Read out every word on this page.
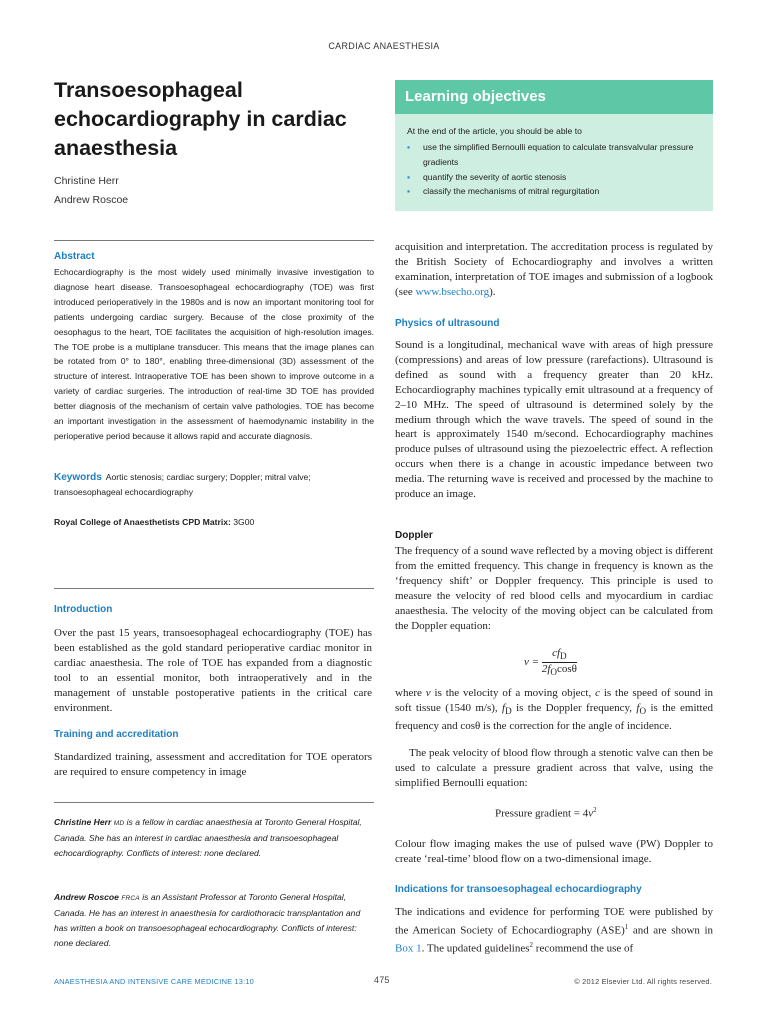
CARDIAC ANAESTHESIA
Transoesophageal echocardiography in cardiac anaesthesia
Christine Herr
Andrew Roscoe
Learning objectives
At the end of the article, you should be able to
▪ use the simplified Bernoulli equation to calculate transvalvular pressure gradients
▪ quantify the severity of aortic stenosis
▪ classify the mechanisms of mitral regurgitation
Abstract
Echocardiography is the most widely used minimally invasive investigation to diagnose heart disease. Transoesophageal echocardiography (TOE) was first introduced perioperatively in the 1980s and is now an important monitoring tool for patients undergoing cardiac surgery. Because of the close proximity of the oesophagus to the heart, TOE facilitates the acquisition of high-resolution images. The TOE probe is a multiplane transducer. This means that the image planes can be rotated from 0° to 180°, enabling three-dimensional (3D) assessment of the structure of interest. Intraoperative TOE has been shown to improve outcome in a variety of cardiac surgeries. The introduction of real-time 3D TOE has provided better diagnosis of the mechanism of certain valve pathologies. TOE has become an important investigation in the assessment of haemodynamic instability in the perioperative period because it allows rapid and accurate diagnosis.
Keywords Aortic stenosis; cardiac surgery; Doppler; mitral valve; transoesophageal echocardiography
Royal College of Anaesthetists CPD Matrix: 3G00
Introduction
Over the past 15 years, transoesophageal echocardiography (TOE) has been established as the gold standard perioperative cardiac monitor in cardiac anaesthesia. The role of TOE has expanded from a diagnostic tool to an essential monitor, both intraoperatively and in the management of unstable postoperative patients in the critical care environment.
Training and accreditation
Standardized training, assessment and accreditation for TOE operators are required to ensure competency in image
Christine Herr MD is a fellow in cardiac anaesthesia at Toronto General Hospital, Canada. She has an interest in cardiac anaesthesia and transoesophageal echocardiography. Conflicts of interest: none declared.
Andrew Roscoe FRCA is an Assistant Professor at Toronto General Hospital, Canada. He has an interest in anaesthesia for cardiothoracic transplantation and has written a book on transoesophageal echocardiography. Conflicts of interest: none declared.
acquisition and interpretation. The accreditation process is regulated by the British Society of Echocardiography and involves a written examination, interpretation of TOE images and submission of a logbook (see www.bsecho.org).
Physics of ultrasound
Sound is a longitudinal, mechanical wave with areas of high pressure (compressions) and areas of low pressure (rarefactions). Ultrasound is defined as sound with a frequency greater than 20 kHz. Echocardiography machines typically emit ultrasound at a frequency of 2–10 MHz. The speed of ultrasound is determined solely by the medium through which the wave travels. The speed of sound in the heart is approximately 1540 m/second. Echocardiography machines produce pulses of ultrasound using the piezoelectric effect. A reflection occurs when there is a change in acoustic impedance between two media. The returning wave is received and processed by the machine to produce an image.
Doppler
The frequency of a sound wave reflected by a moving object is different from the emitted frequency. This change in frequency is known as the ‘frequency shift’ or Doppler frequency. This principle is used to measure the velocity of red blood cells and myocardium in cardiac anaesthesia. The velocity of the moving object can be calculated from the Doppler equation:
$v = \frac{cf_D}{2f_O\cos\theta}$
where v is the velocity of a moving object, c is the speed of sound in soft tissue (1540 m/s), $f_D$ is the Doppler frequency, $f_O$ is the emitted frequency and cosθ is the correction for the angle of incidence.
The peak velocity of blood flow through a stenotic valve can then be used to calculate a pressure gradient across that valve, using the simplified Bernoulli equation:
Pressure gradient = $4v^2$
Colour flow imaging makes the use of pulsed wave (PW) Doppler to create ‘real-time’ blood flow on a two-dimensional image.
Indications for transoesophageal echocardiography
The indications and evidence for performing TOE were published by the American Society of Echocardiography (ASE)$^1$ and are shown in Box 1. The updated guidelines$^2$ recommend the use of
ANAESTHESIA AND INTENSIVE CARE MEDICINE 13:10	475	© 2012 Elsevier Ltd. All rights reserved.
